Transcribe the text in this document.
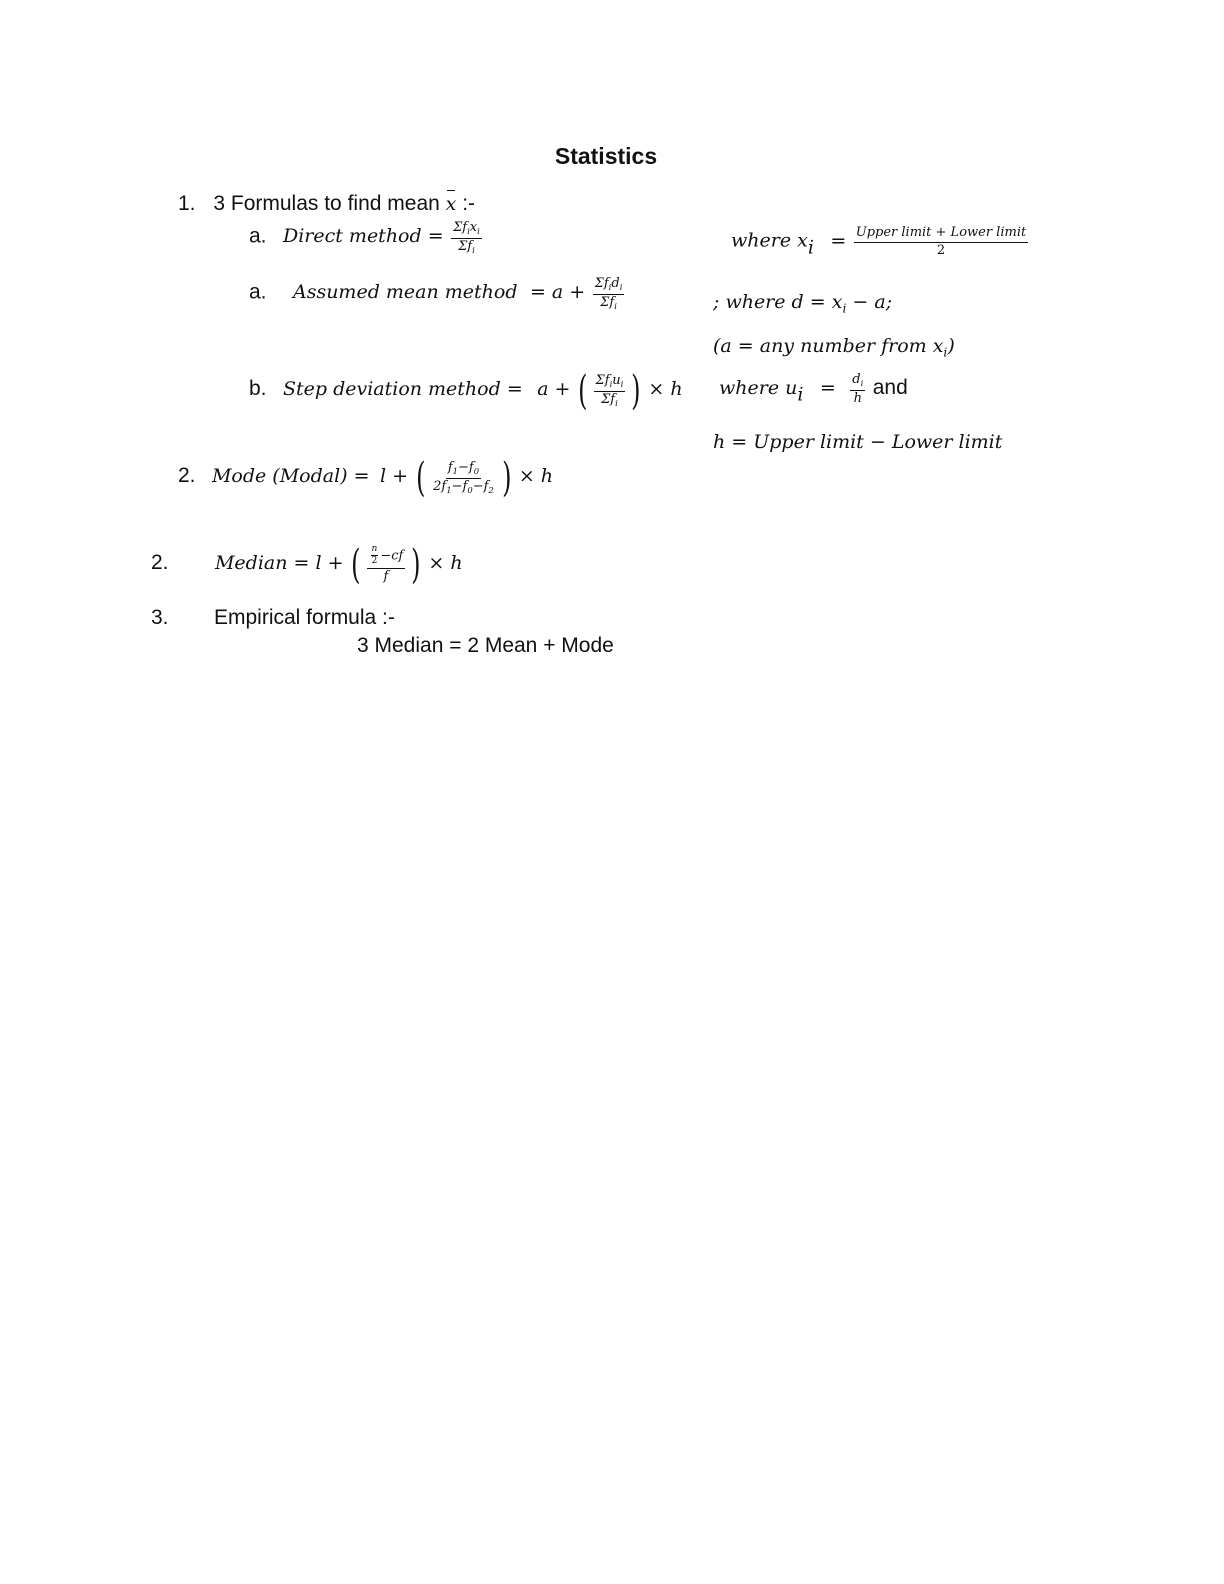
Statistics
1. 3 Formulas to find mean x :-
a. Direct method = $\frac{\Sigma f_ix_i}{\Sigma f_i}$	where $x_i = \frac{\text{Upper limit + Lower limit}}{2}$
a. Assumed mean method = $a + \frac{\Sigma f_id_i}{\Sigma f_i}$	; where $d = x_i - a$;
(a = any number from $x_i$)
b. Step deviation method = a + ( $\frac{\Sigma f_iu_i}{\Sigma f_i}$ ) × h where $u_i = \frac{d_i}{h}$ and
h = Upper limit − Lower limit
2. Mode (Modal) = l + ( $\frac{f_1-f_0}{2f_1-f_0-f_2}$ ) × h
2. Median = l + ( $\frac{\frac{n}{2} -cf}{f}$ ) × h
3. Empirical formula :-
3 Median = 2 Mean + Mode
